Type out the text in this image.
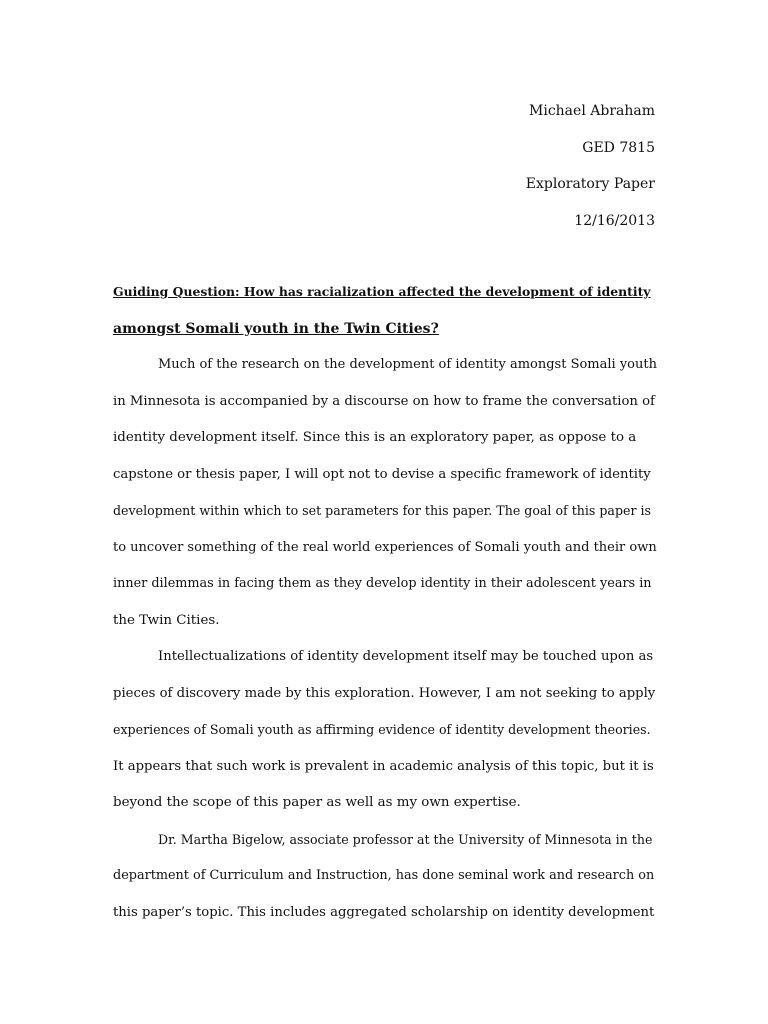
Michael Abraham
GED 7815
Exploratory Paper
12/16/2013
Guiding Question: How has racialization affected the development of identity
amongst Somali youth in the Twin Cities?
Much of the research on the development of identity amongst Somali youth
in Minnesota is accompanied by a discourse on how to frame the conversation of
identity development itself. Since this is an exploratory paper, as oppose to a
capstone or thesis paper, I will opt not to devise a specific framework of identity
development within which to set parameters for this paper. The goal of this paper is
to uncover something of the real world experiences of Somali youth and their own
inner dilemmas in facing them as they develop identity in their adolescent years in
the Twin Cities.
Intellectualizations of identity development itself may be touched upon as
pieces of discovery made by this exploration. However, I am not seeking to apply
experiences of Somali youth as affirming evidence of identity development theories.
It appears that such work is prevalent in academic analysis of this topic, but it is
beyond the scope of this paper as well as my own expertise.
Dr. Martha Bigelow, associate professor at the University of Minnesota in the
department of Curriculum and Instruction, has done seminal work and research on
this paper’s topic. This includes aggregated scholarship on identity development
